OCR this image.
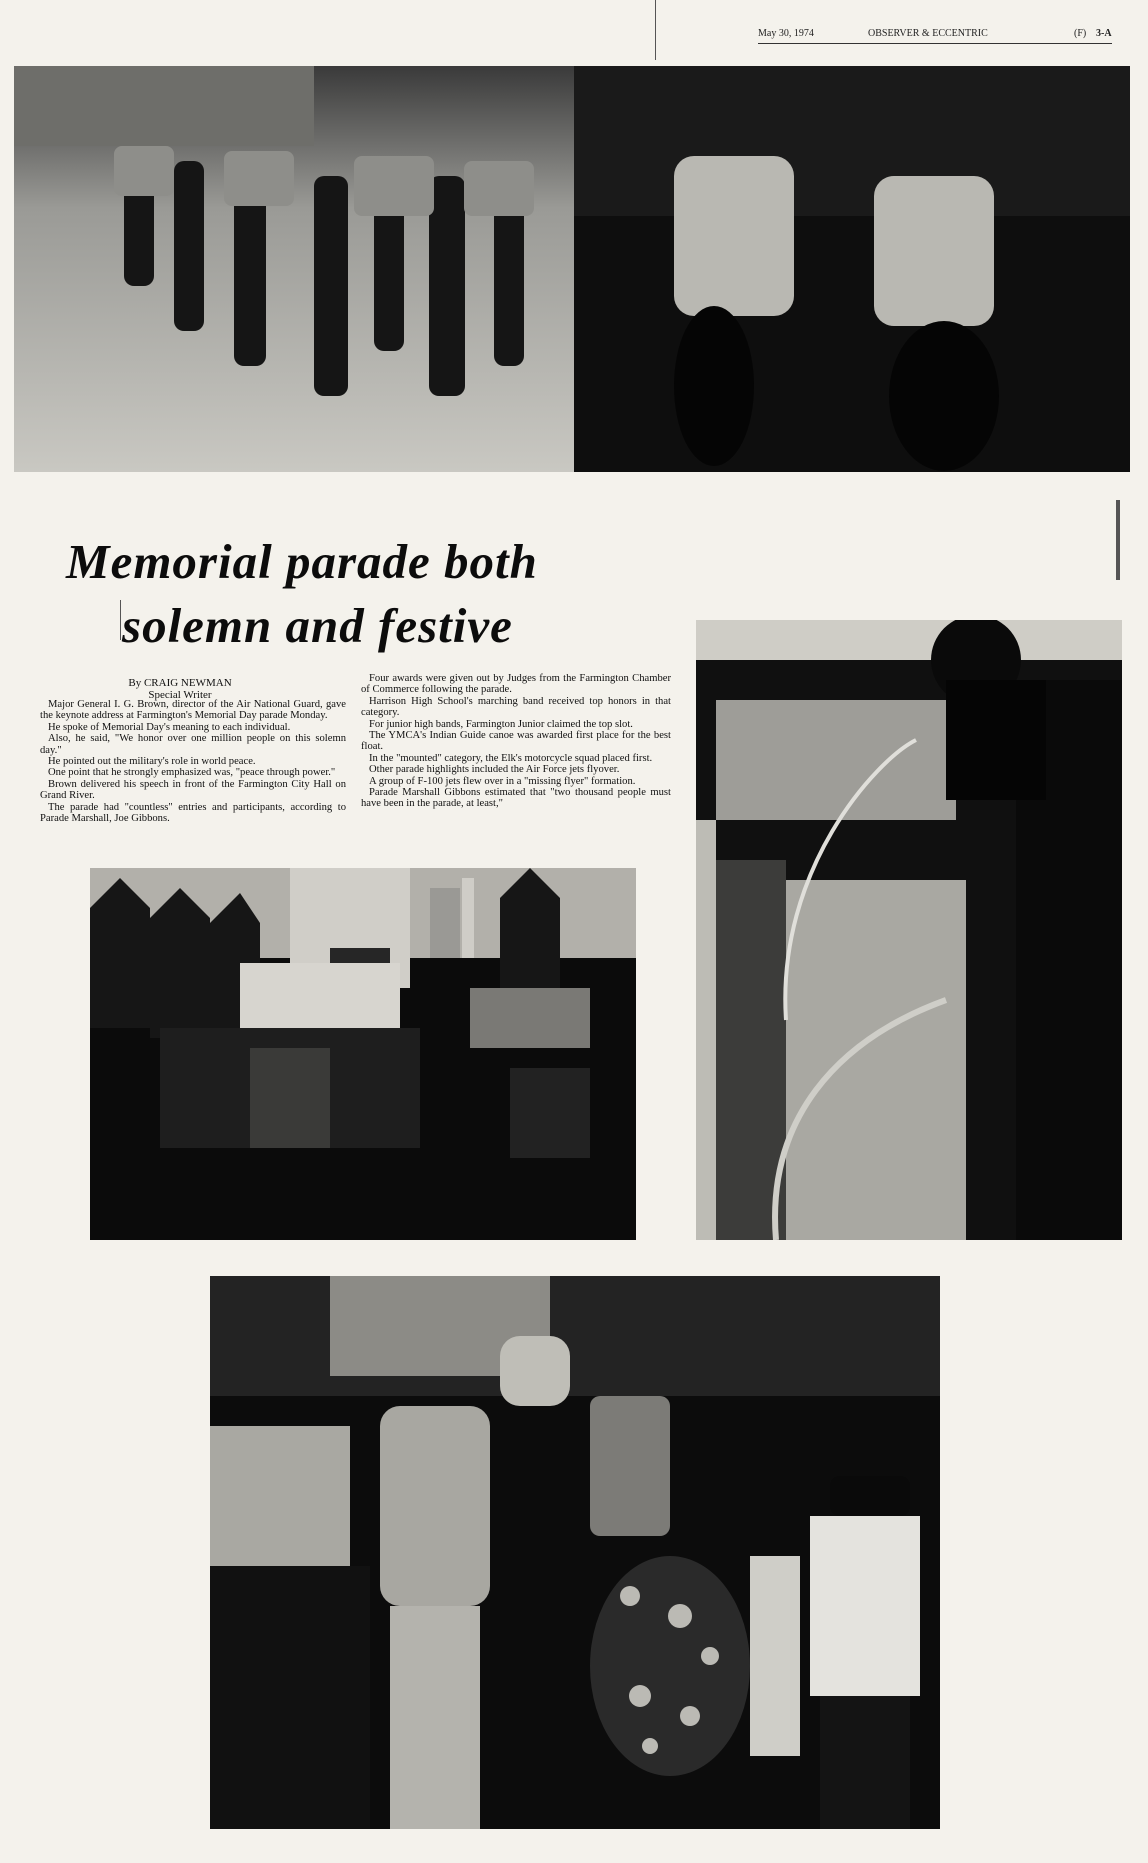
May 30, 1974	OBSERVER & ECCENTRIC	(F) 3-A
Memorial parade both
solemn and festive
By CRAIG NEWMAN
Special Writer

Major General I. G. Brown, director of the Air National Guard, gave the keynote address at Farmington's Memorial Day parade Monday.

He spoke of Memorial Day's meaning to each individual.

Also, he said, "We honor over one million people on this solemn day."

He pointed out the military's role in world peace.

One point that he strongly emphasized was, "peace through power."

Brown delivered his speech in front of the Farmington City Hall on Grand River.

The parade had "countless" entries and participants, according to Parade Marshall, Joe Gibbons.

Four awards were given out by Judges from the Farmington Chamber of Commerce following the parade.

Harrison High School's marching band received top honors in that category.

For junior high bands, Farmington Junior claimed the top slot.

The YMCA's Indian Guide canoe was awarded first place for the best float.

In the "mounted" category, the Elk's motorcycle squad placed first.

Other parade highlights included the Air Force jets flyover.

A group of F-100 jets flew over in a "missing flyer" formation.

Parade Marshall Gibbons estimated that "two thousand people must have been in the parade, at least,"
